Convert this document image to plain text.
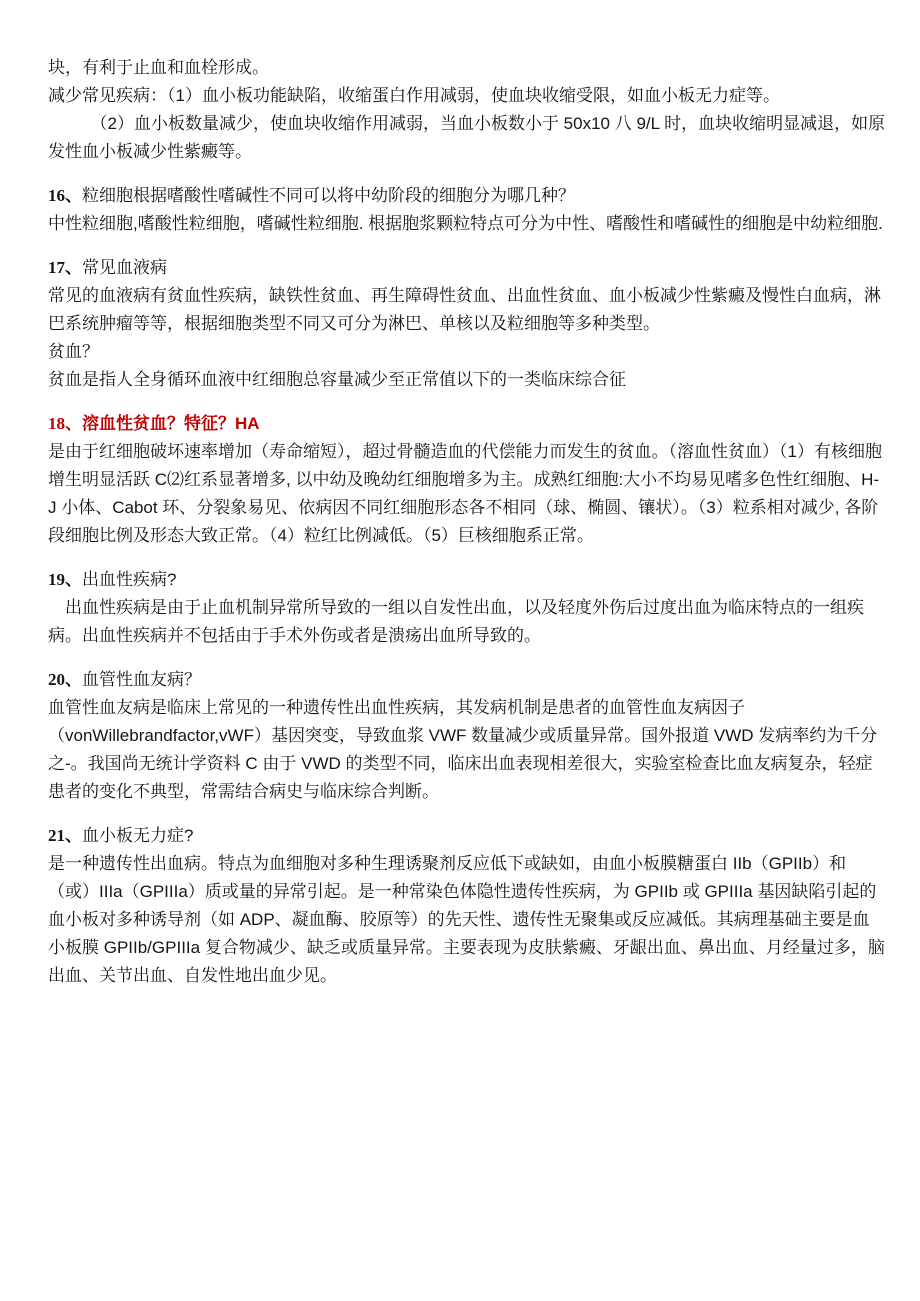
块，有利于止血和血栓形成。

减少常见疾病：（1）血小板功能缺陷，收缩蛋白作用减弱，使血块收缩受限，如血小板无力症等。

（2）血小板数量减少，使血块收缩作用减弱，当血小板数小于 50x10 八 9/L 时，血块收缩明显减退，如原发性血小板减少性紫癜等。

16、粒细胞根据嗜酸性嗜碱性不同可以将中幼阶段的细胞分为哪几种？

中性粒细胞,嗜酸性粒细胞，嗜碱性粒细胞. 根据胞浆颗粒特点可分为中性、嗜酸性和嗜碱性的细胞是中幼粒细胞.

17、常见血液病

常见的血液病有贫血性疾病，缺铁性贫血、再生障碍性贫血、出血性贫血、血小板减少性紫癜及慢性白血病，淋巴系统肿瘤等等，根据细胞类型不同又可分为淋巴、单核以及粒细胞等多种类型。

贫血？

贫血是指人全身循环血液中红细胞总容量减少至正常值以下的一类临床综合征

18、溶血性贫血？特征？HA

是由于红细胞破坏速率增加（寿命缩短），超过骨髓造血的代偿能力而发生的贫血。（溶血性贫血）（1）有核细胞增生明显活跃 C⑵红系显著增多, 以中幼及晚幼红细胞增多为主。成熟红细胞:大小不均易见嗜多色性红细胞、H-J 小体、Cabot 环、分裂象易见、依病因不同红细胞形态各不相同（球、椭圆、镶状）。（3）粒系相对减少, 各阶段细胞比例及形态大致正常。（4）粒红比例减低。（5）巨核细胞系正常。

19、出血性疾病?

出血性疾病是由于止血机制异常所导致的一组以自发性出血，以及轻度外伤后过度出血为临床特点的一组疾病。出血性疾病并不包括由于手术外伤或者是溃疡出血所导致的。

20、血管性血友病？

血管性血友病是临床上常见的一种遗传性出血性疾病，其发病机制是患者的血管性血友病因子（vonWillebrandfactor,vWF）基因突变，导致血浆 VWF 数量减少或质量异常。国外报道 VWD 发病率约为千分之-。我国尚无统计学资料 C 由于 VWD 的类型不同，临床出血表现相差很大，实验室检查比血友病复杂，轻症患者的变化不典型，常需结合病史与临床综合判断。

21、血小板无力症?

是一种遗传性出血病。特点为血细胞对多种生理诱聚剂反应低下或缺如，由血小板膜糖蛋白 IIb（GPIIb）和（或）IIIa（GPIIIa）质或量的异常引起。是一种常染色体隐性遗传性疾病，为 GPIIb 或 GPIIIa 基因缺陷引起的血小板对多种诱导剂（如 ADP、凝血酶、胶原等）的先天性、遗传性无聚集或反应减低。其病理基础主要是血小板膜 GPIIb/GPIIIa 复合物减少、缺乏或质量异常。主要表现为皮肤紫癜、牙龈出血、鼻出血、月经量过多，脑出血、关节出血、自发性地出血少见。
